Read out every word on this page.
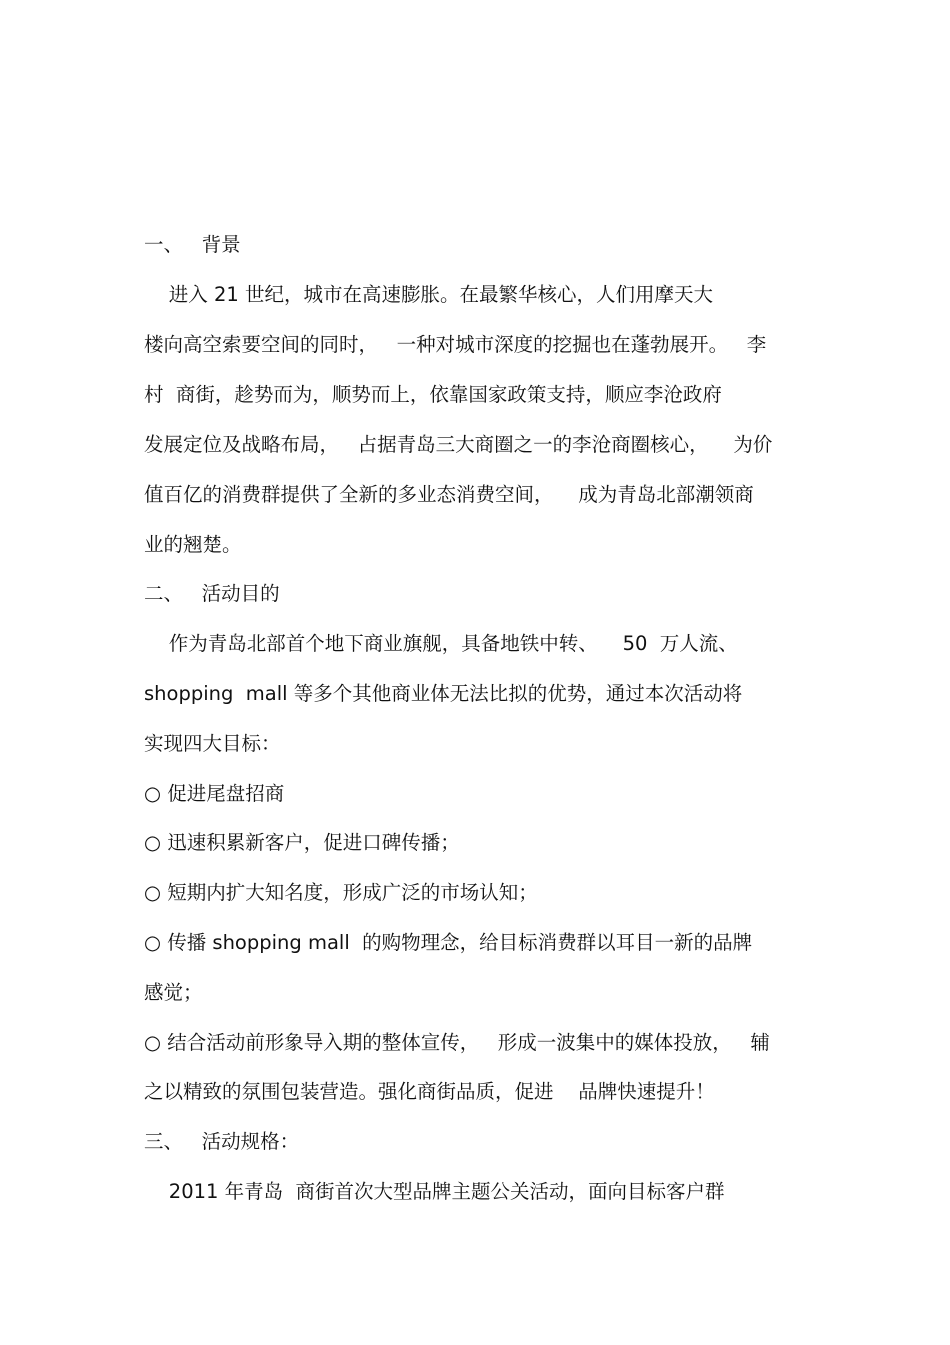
一、   背景

进入 21 世纪，城市在高速膨胀。在最繁华核心，人们用摩天大

楼向高空索要空间的同时，   一种对城市深度的挖掘也在蓬勃展开。   李

村  商街，趁势而为，顺势而上，依靠国家政策支持，顺应李沧政府

发展定位及战略布局，   占据青岛三大商圈之一的李沧商圈核心，    为价

值百亿的消费群提供了全新的多业态消费空间，    成为青岛北部潮领商

业的翘楚。

二、   活动目的

作为青岛北部首个地下商业旗舰，具备地铁中转、    50  万人流、

shopping  mall 等多个其他商业体无法比拟的优势，通过本次活动将

实现四大目标：

○ 促进尾盘招商

○ 迅速积累新客户，促进口碑传播；

○ 短期内扩大知名度，形成广泛的市场认知；

○ 传播 shopping mall  的购物理念，给目标消费群以耳目一新的品牌

感觉；

○ 结合活动前形象导入期的整体宣传，   形成一波集中的媒体投放，   辅

之以精致的氛围包装营造。强化商街品质，促进    品牌快速提升！

三、   活动规格：

2011 年青岛  商街首次大型品牌主题公关活动，面向目标客户群
